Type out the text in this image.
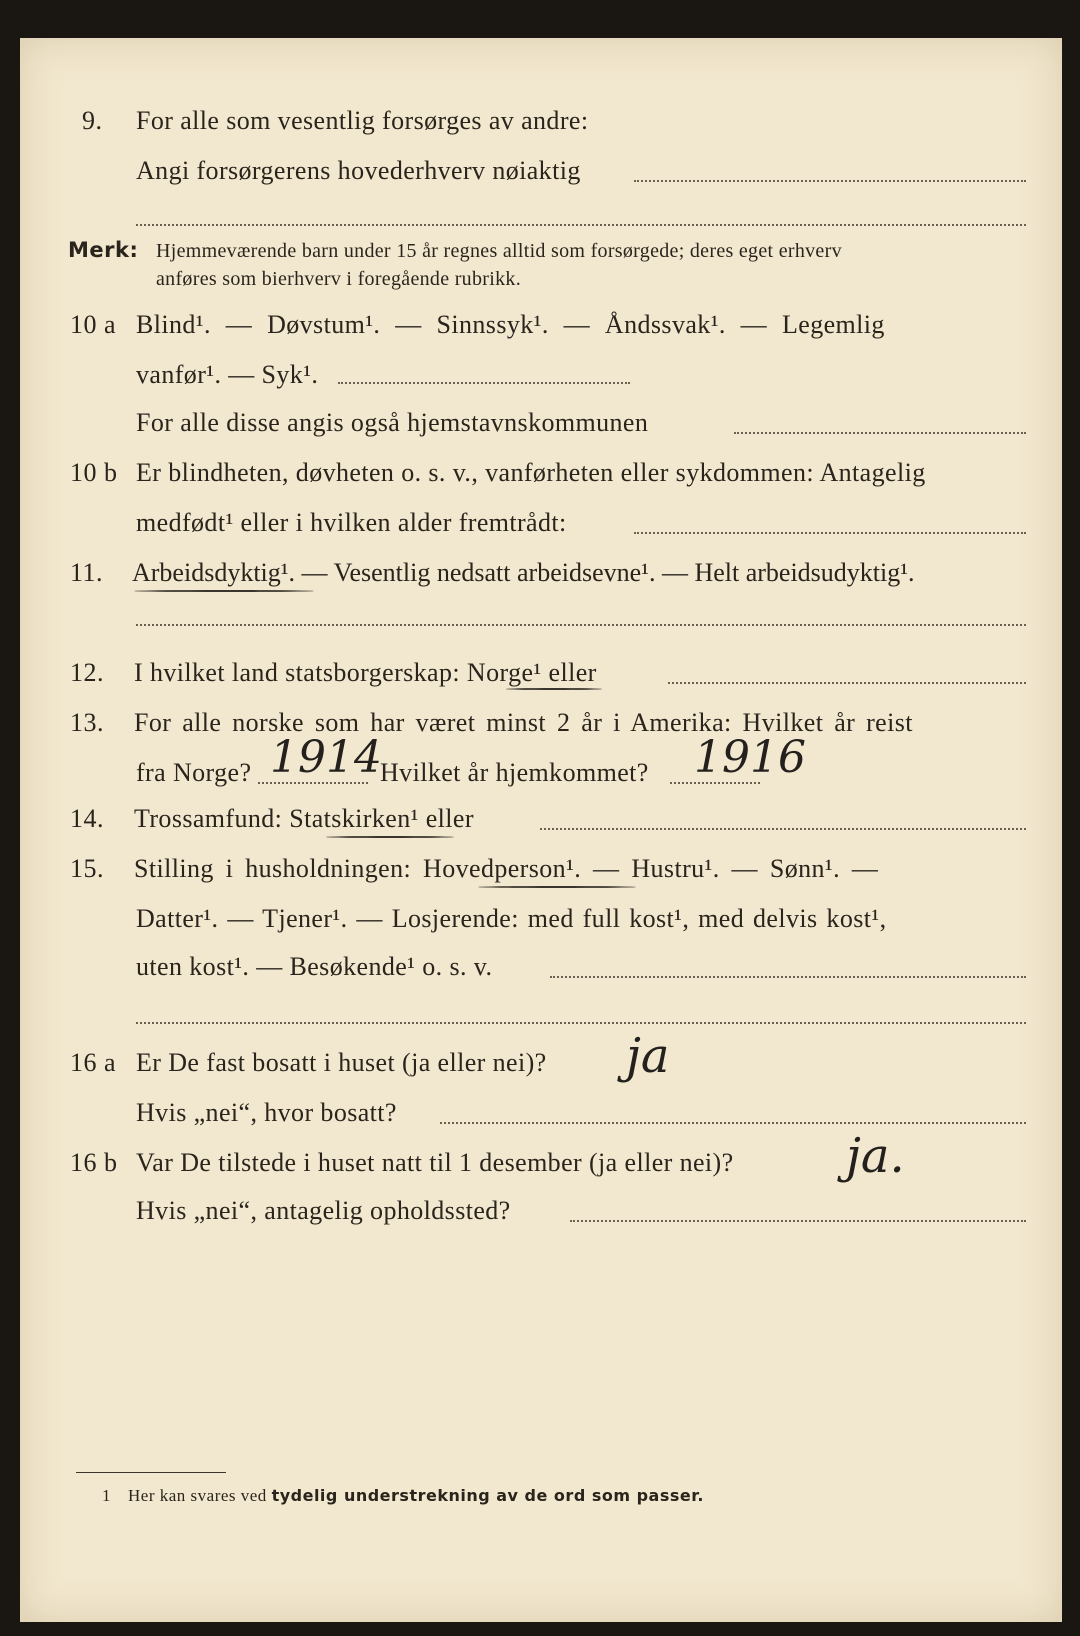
9. For alle som vesentlig forsørges av andre:
Angi forsørgerens hovederhverv nøiaktig
Merk: Hjemmeværende barn under 15 år regnes alltid som forsørgede; deres eget erhverv
anføres som bierhverv i foregående rubrikk.
10 a Blind¹. — Døvstum¹. — Sinnssyk¹. — Åndssvak¹. — Legemlig
vanfør¹. — Syk¹.
For alle disse angis også hjemstavnskommunen
10 b Er blindheten, døvheten o. s. v., vanførheten eller sykdommen: Antagelig
medfødt¹ eller i hvilken alder fremtrådt:
11. Arbeidsdyktig¹. — Vesentlig nedsatt arbeidsevne¹. — Helt arbeidsudyktig¹.
12. I hvilket land statsborgerskap: Norge¹ eller
13. For alle norske som har været minst 2 år i Amerika: Hvilket år reist
fra Norge? 1914
Hvilket år hjemkommet? 1916
14. Trossamfund: Statskirken¹ eller
15. Stilling i husholdningen: Hovedperson¹. — Hustru¹. — Sønn¹. —
Datter¹. — Tjener¹. — Losjerende: med full kost¹, med delvis kost¹,
uten kost¹. — Besøkende¹ o. s. v.
16 a Er De fast bosatt i huset (ja eller nei)? ja
Hvis „nei“, hvor bosatt?
16 b Var De tilstede i huset natt til 1 desember (ja eller nei)? ja.
Hvis „nei“, antagelig opholdssted?
1 Her kan svares ved tydelig understrekning av de ord som passer.
